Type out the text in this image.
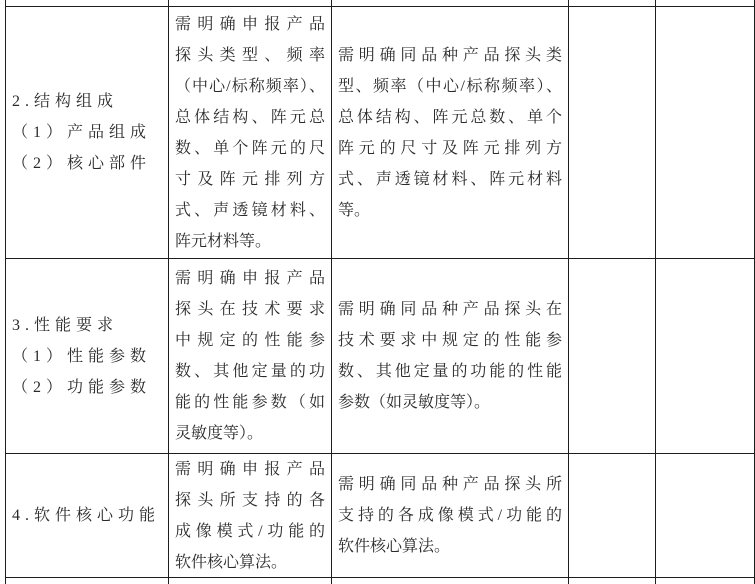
2.结构组成
（1）产品组成
（2）核心部件
需明确申报产品
探头类型、频率
（中心/标称频率）、
总体结构、阵元总
数、单个阵元的尺
寸及阵元排列方
式、声透镜材料、
阵元材料等。
需明确同品种产品探头类
型、频率（中心/标称频率）、
总体结构、阵元总数、单个
阵元的尺寸及阵元排列方
式、声透镜材料、阵元材料
等。
3.性能要求
（1）性能参数
（2）功能参数
需明确申报产品
探头在技术要求
中规定的性能参
数、其他定量的功
能的性能参数（如
灵敏度等）。
需明确同品种产品探头在
技术要求中规定的性能参
数、其他定量的功能的性能
参数（如灵敏度等）。
4.软件核心功能
需明确申报产品
探头所支持的各
成像模式/功能的
软件核心算法。
需明确同品种产品探头所
支持的各成像模式/功能的
软件核心算法。
